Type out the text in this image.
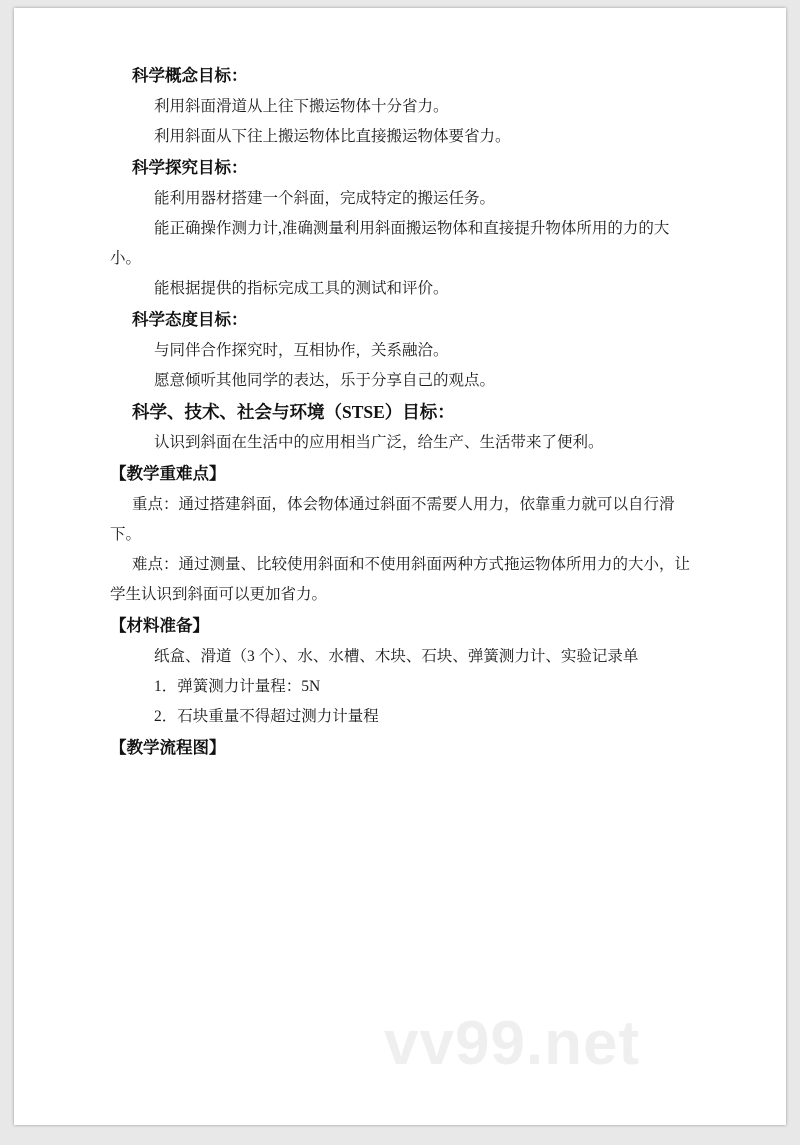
科学概念目标：
利用斜面滑道从上往下搬运物体十分省力。
利用斜面从下往上搬运物体比直接搬运物体要省力。
科学探究目标：
能利用器材搭建一个斜面，完成特定的搬运任务。
能正确操作测力计,准确测量利用斜面搬运物体和直接提升物体所用的力的大小。
能根据提供的指标完成工具的测试和评价。
科学态度目标：
与同伴合作探究时，互相协作，关系融洽。
愿意倾听其他同学的表达，乐于分享自己的观点。
科学、技术、社会与环境（STSE）目标：
认识到斜面在生活中的应用相当广泛，给生产、生活带来了便利。
【教学重难点】
重点：通过搭建斜面，体会物体通过斜面不需要人用力，依靠重力就可以自行滑下。
难点：通过测量、比较使用斜面和不使用斜面两种方式拖运物体所用力的大小，让学生认识到斜面可以更加省力。
【材料准备】
纸盒、滑道（3 个）、水、水槽、木块、石块、弹簧测力计、实验记录单
1．弹簧测力计量程：5N
2．石块重量不得超过测力计量程
【教学流程图】
vv99.net
